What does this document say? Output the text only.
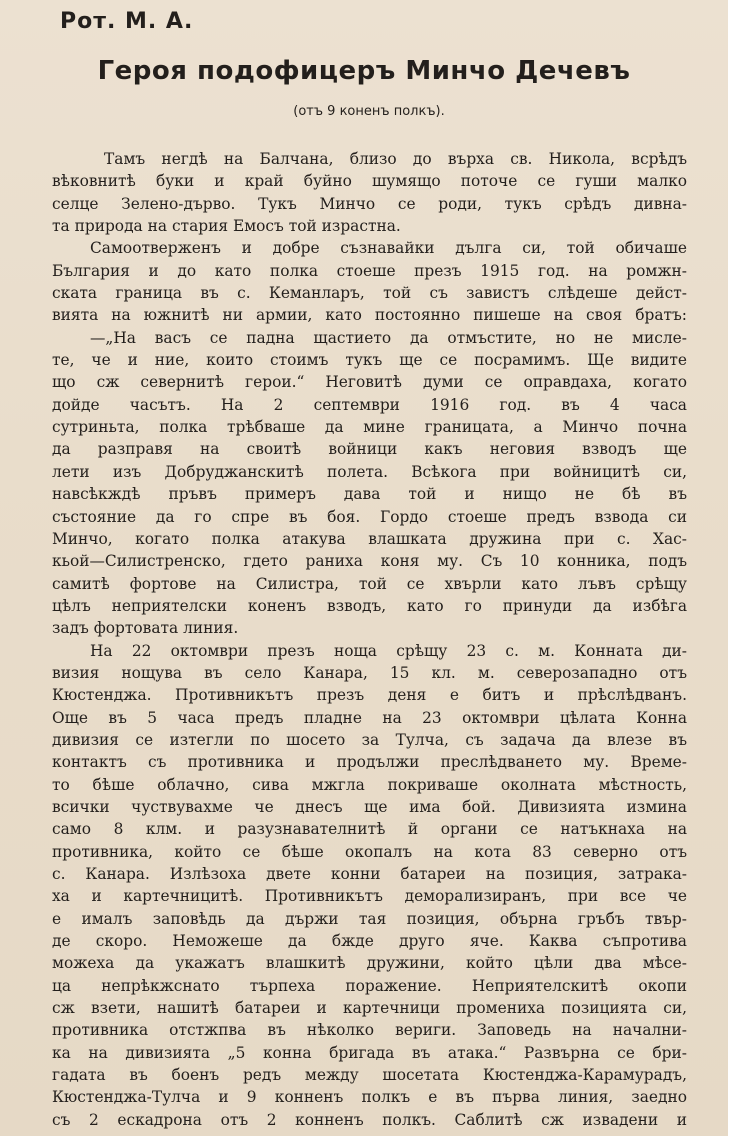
Рот. М. А.
Героя подофицеръ Минчо Дечевъ
(отъ 9 коненъ полкъ).
Тамъ негдѣ на Балчана, близо до върха св. Никола, всрѣдъ
вѣковнитѣ буки и край буйно шумящо поточе се гуши малко
селце Зелено-дърво. Тукъ Минчо се роди, тукъ срѣдъ дивна-
та природа на стария Емосъ той израстна.
Самоотверженъ и добре съзнавайки дълга си, той обичаше
България и до като полка стоеше презъ 1915 год. на ромжн-
ската граница въ с. Кеманларъ, той съ завистъ слѣдеше дейст-
вията на южнитѣ ни армии, като постоянно пишеше на своя братъ:
—„На васъ се падна щастието да отмъстите, но не мислe-
те, че и ние, които стоимъ тукъ ще се посрамимъ. Ще видите
що сж севернитѣ герои.“ Неговитѣ думи се оправдаха, когато
дойде часътъ. На 2 септември 1916 год. въ 4 часа
сутриньта, полка трѣбваше да мине границата, а Минчо почна
да разправя на своитѣ войници какъ неговия взводъ ще
лети изъ Добруджанскитѣ полета. Всѣкога при войницитѣ си,
навсѣкждѣ пръвъ примеръ дава той и нищо не бѣ въ
състояние да го спре въ боя. Гордо стоеше предъ взвода си
Минчо, когато полка атакува влашката дружина при с. Хас-
кьой—Силистренско, гдето раниха коня му. Съ 10 конника, подъ
самитѣ фортове на Силистра, той се хвърли като лъвъ срѣщу
цѣлъ неприятелски коненъ взводъ, като го принуди да избѣга
задъ фортовата линия.
На 22 октомври презъ ноща срѣщу 23 с. м. Конната ди-
визия нощува въ село Канара, 15 кл. м. северозападно отъ
Кюстенджа. Противникътъ презъ деня е битъ и прѣслѣдванъ.
Още въ 5 часа предъ пладне на 23 октомври цѣлата Конна
дивизия се изтегли по шосето за Тулча, съ задача да влезе въ
контактъ съ противника и продължи преслѣдването му. Времe-
то бѣше облачно, сива мжгла покриваше околната мѣстность,
всички чуствувахме че днесъ ще има бой. Дивизията измина
само 8 клм. и разузнавателнитѣ й органи се натъкнаха на
противника, който се бѣше окопалъ на кота 83 северно отъ
с. Канара. Излѣзоха двете конни батареи на позиция, затрака-
ха и картечницитѣ. Противникътъ деморализиранъ, при все че
е ималъ заповѣдь да държи тая позиция, обърна гръбъ твър-
де скоро. Неможеше да бжде друго яче. Каква съпротива
можеха да укажатъ влашкитѣ дружини, който цѣли два мѣсе-
ца непрѣкжснато търпеха поражение. Неприятелскитѣ окопи
сж взети, нашитѣ батареи и картечници промениха позицията си,
противника отстжпва въ нѣколко вериги. Заповедь на начални-
ка на дивизията „5 конна бригада въ атака.“ Развърна се бри-
гадата въ боенъ редъ между шосетата Кюстенджа-Карамурадъ,
Кюстенджа-Тулча и 9 конненъ полкъ е въ първа линия, заедно
съ 2 ескадрона отъ 2 конненъ полкъ. Саблитѣ сж извадени и
